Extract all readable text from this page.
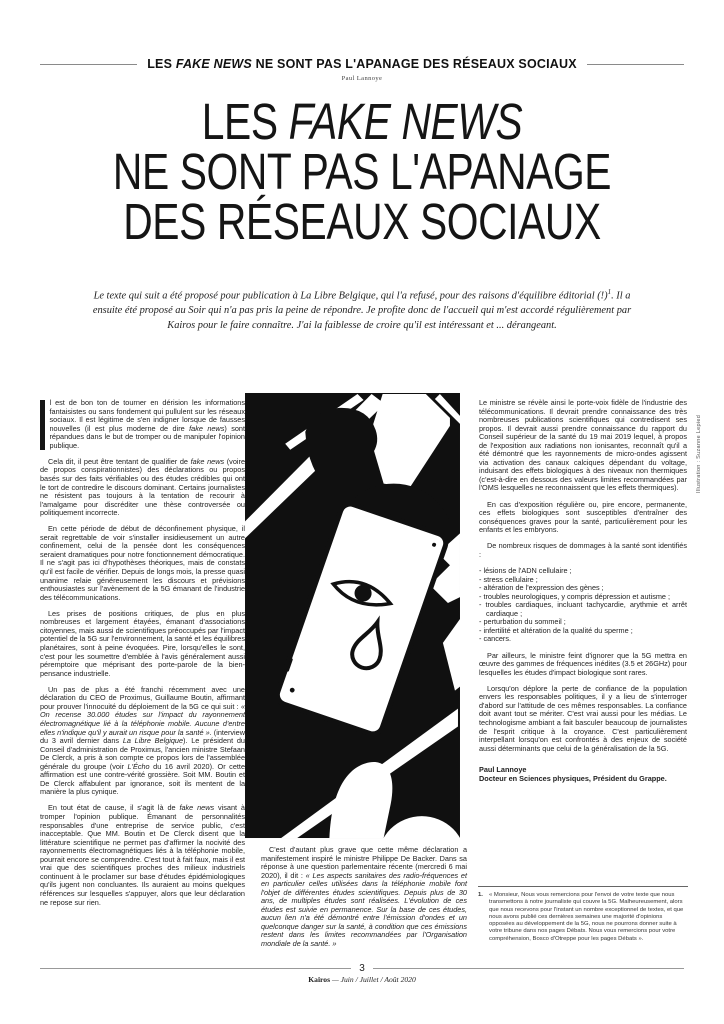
LES FAKE NEWS NE SONT PAS L'APANAGE DES RÉSEAUX SOCIAUX
Paul Lannoye
LES FAKE NEWS
NE SONT PAS L'APANAGE
DES RÉSEAUX SOCIAUX
Le texte qui suit a été proposé pour publication à La Libre Belgique, qui l'a refusé, pour des raisons d'équilibre éditorial (!)$^1$. Il a ensuite été proposé au Soir qui n'a pas pris la peine de répondre. Je profite donc de l'accueil qui m'est accordé régulièrement par Kairos pour le faire connaître. J'ai la faiblesse de croire qu'il est intéressant et ... dérangeant.

l est de bon ton de tourner en dérision les informations fantaisistes ou sans fondement qui pullulent sur les réseaux sociaux. Il est légitime de s'en indigner lorsque de fausses nouvelles (il est plus moderne de dire fake news) sont répandues dans le but de tromper ou de manipuler l'opinion publique.

Cela dit, il peut être tentant de qualifier de fake news (voire de propos conspirationnistes) des déclarations ou propos basés sur des faits vérifiables ou des études crédibles qui ont le tort de contredire le discours dominant. Certains journalistes ne résistent pas toujours à la tentation de recourir à l'amalgame pour discréditer une thèse controversée ou politiquement incorrecte.

En cette période de début de déconfinement physique, il serait regrettable de voir s'installer insidieusement un autre confinement, celui de la pensée dont les conséquences seraient dramatiques pour notre fonctionnement démocratique. Il ne s'agit pas ici d'hypothèses théoriques, mais de constats qu'il est facile de vérifier. Depuis de longs mois, la presse quasi unanime relaie généreusement les discours et prévisions enthousiastes sur l'avènement de la 5G émanant de l'industrie des télécommunications.

Les prises de positions critiques, de plus en plus nombreuses et largement étayées, émanant d'associations citoyennes, mais aussi de scientifiques préoccupés par l'impact potentiel de la 5G sur l'environnement, la santé et les équilibres planétaires, sont à peine évoquées. Pire, lorsqu'elles le sont, c'est pour les soumettre d'emblée à l'avis généralement aussi péremptoire que méprisant des porte-parole de la bien-pensance industrielle.

Un pas de plus a été franchi récemment avec une déclaration du CEO de Proximus, Guillaume Boutin, affirmant pour prouver l'innocuité du déploiement de la 5G ce qui suit : « On recense 30.000 études sur l'impact du rayonnement électromagnétique lié à la téléphonie mobile. Aucune d'entre elles n'indique qu'il y aurait un risque pour la santé ». (interview du 3 avril dernier dans La Libre Belgique). Le président du Conseil d'administration de Proximus, l'ancien ministre Stefaan De Clerck, a pris à son compte ce propos lors de l'assemblée générale du groupe (voir L'Écho du 16 avril 2020). Or cette affirmation est une contre-vérité grossière. Soit MM. Boutin et De Clerck affabulent par ignorance, soit ils mentent de la manière la plus cynique.

En tout état de cause, il s'agit là de fake news visant à tromper l'opinion publique. Émanant de personnalités responsables d'une entreprise de service public, c'est inacceptable. Que MM. Boutin et De Clerck disent que la littérature scientifique ne permet pas d'affirmer la nocivité des rayonnements électromagnétiques liés à la téléphonie mobile, pourrait encore se comprendre. C'est tout à fait faux, mais il est vrai que des scientifiques proches des milieux industriels continuent à le proclamer sur base d'études épidémiologiques qu'ils jugent non concluantes. Ils auraient au moins quelques références sur lesquelles s'appuyer, alors que leur déclaration ne repose sur rien.

C'est d'autant plus grave que cette même déclaration a manifestement inspiré le ministre Philippe De Backer. Dans sa réponse à une question parlementaire récente (mercredi 6 mai 2020), il dit : « Les aspects sanitaires des radio-fréquences et en particulier celles utilisées dans la téléphonie mobile font l'objet de différentes études scientifiques. Depuis plus de 30 ans, de multiples études sont réalisées. L'évolution de ces études est suivie en permanence. Sur la base de ces études, aucun lien n'a été démontré entre l'émission d'ondes et un quelconque danger sur la santé, à condition que ces émissions restent dans les limites recommandées par l'Organisation mondiale de la santé. »

Illustration : Suzanne Lepied

Le ministre se révèle ainsi le porte-voix fidèle de l'industrie des télécommunications. Il devrait prendre connaissance des très nombreuses publications scientifiques qui contredisent ses propos. Il devrait aussi prendre connaissance du rapport du Conseil supérieur de la santé du 19 mai 2019 lequel, à propos de l'exposition aux radiations non ionisantes, reconnaît qu'il a été démontré que les rayonnements de micro-ondes agissent via activation des canaux calciques dépendant du voltage, induisant des effets biologiques à des niveaux non thermiques (c'est-à-dire en dessous des valeurs limites recommandées par l'OMS lesquelles ne reconnaissent que les effets thermiques).

En cas d'exposition régulière ou, pire encore, permanente, ces effets biologiques sont susceptibles d'entraîner des conséquences graves pour la santé, particulièrement pour les enfants et les embryons.

De nombreux risques de dommages à la santé sont identifiés :

- lésions de l'ADN cellulaire ;
- stress cellulaire ;
- altération de l'expression des gènes ;
- troubles neurologiques, y compris dépression et autisme ;
- troubles cardiaques, incluant tachycardie, arythmie et arrêt cardiaque ;
- perturbation du sommeil ;
- infertilité et altération de la qualité du sperme ;
- cancers.

Par ailleurs, le ministre feint d'ignorer que la 5G mettra en œuvre des gammes de fréquences inédites (3.5 et 26GHz) pour lesquelles les études d'impact biologique sont rares.

Lorsqu'on déplore la perte de confiance de la population envers les responsables politiques, il y a lieu de s'interroger d'abord sur l'attitude de ces mêmes responsables. La confiance doit avant tout se mériter. C'est vrai aussi pour les médias. Le technologisme ambiant a fait basculer beaucoup de journalistes de l'esprit critique à la croyance. C'est particulièrement interpellant lorsqu'on est confrontés à des enjeux de société aussi déterminants que celui de la généralisation de la 5G.

Paul Lannoye
Docteur en Sciences physiques, Président du Grappe.
1. « Monsieur, Nous vous remercions pour l'envoi de votre texte que nous transmettons à notre journaliste qui couvre la 5G. Malheureusement, alors que nous recevons pour l'instant un nombre exceptionnel de textes, et que nous avons publié ces dernières semaines une majorité d'opinions opposées au développement de la 5G, nous ne pourrons donner suite à votre tribune dans nos pages Débats. Nous vous remercions pour votre compréhension, Bosco d'Otreppe pour les pages Débats ».
3
Kairos — Juin / Juillet / Août 2020
